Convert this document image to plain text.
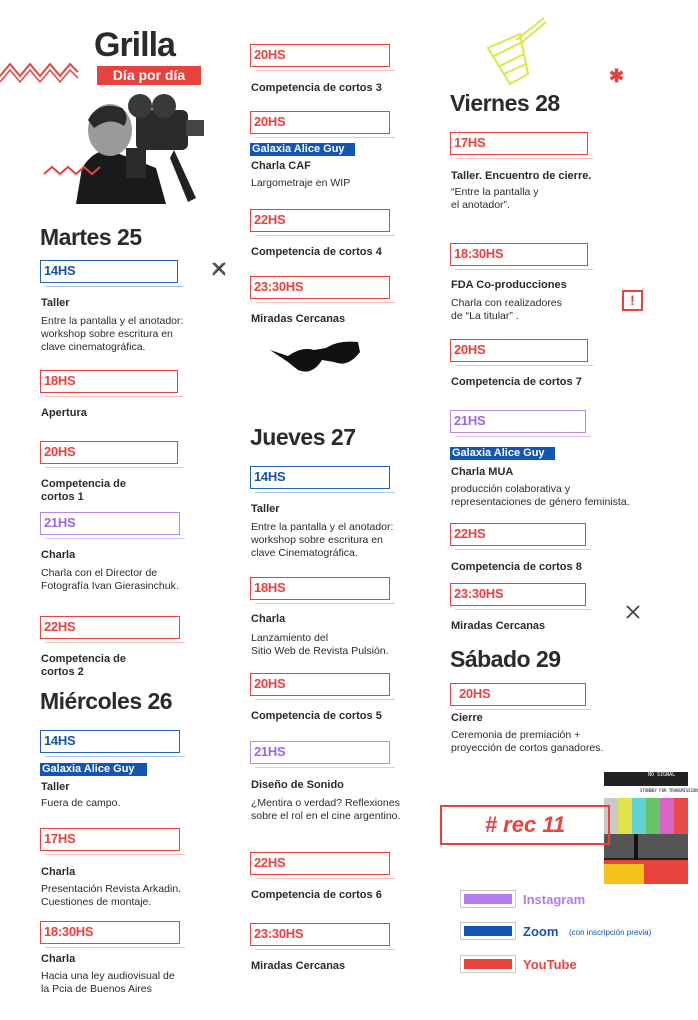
Grilla
Día por día
Martes 25
14HS
Taller
Entre la pantalla y el anotador:
workshop sobre escritura en
clave cinematográfica.
18HS
Apertura
20HS
Competencia de
cortos 1
21HS
Charla
Charla con el Director de
Fotografía Ivan Gierasinchuk.
22HS
Competencia de
cortos 2
Miércoles 26
14HS
Galaxia Alice Guy
Taller
Fuera de campo.
17HS
Charla
Presentación Revista Arkadin.
Cuestiones de montaje.
18:30HS
Charla
Hacia una ley audiovisual de
la Pcia de Buenos Aires
20HS
Competencia de cortos 3
20HS
Galaxia Alice Guy
Charla CAF
Largometraje en WIP
22HS
Competencia de cortos 4
23:30HS
Miradas Cercanas
Jueves 27
14HS
Taller
Entre la pantalla y el anotador:
workshop sobre escritura en
clave Cinematográfica.
18HS
Charla
Lanzamiento del
Sitio Web de Revista Pulsión.
20HS
Competencia de cortos 5
21HS
Diseño de Sonido
¿Mentira o verdad? Reflexiones
sobre el rol en el cine argentino.
22HS
Competencia de cortos 6
23:30HS
Miradas Cercanas
✱
Viernes 28
17HS
Taller. Encuentro de cierre.
“Entre la pantalla y
el anotador”.
18:30HS
FDA Co-producciones
Charla con realizadores
de “La titular” .
!
20HS
Competencia de cortos 7
21HS
Galaxia Alice Guy
Charla MUA
producción colaborativa y
representaciones de género feminista.
22HS
Competencia de cortos 8
23:30HS
Miradas Cercanas
Sábado 29
20HS
Cierre
Ceremonia de premiación +
proyección de cortos ganadores.
NO SIGNAL
STANDBY FOR TRANSMISSION
# rec 11
Instagram
Zoom (con inscripción previa)
YouTube
